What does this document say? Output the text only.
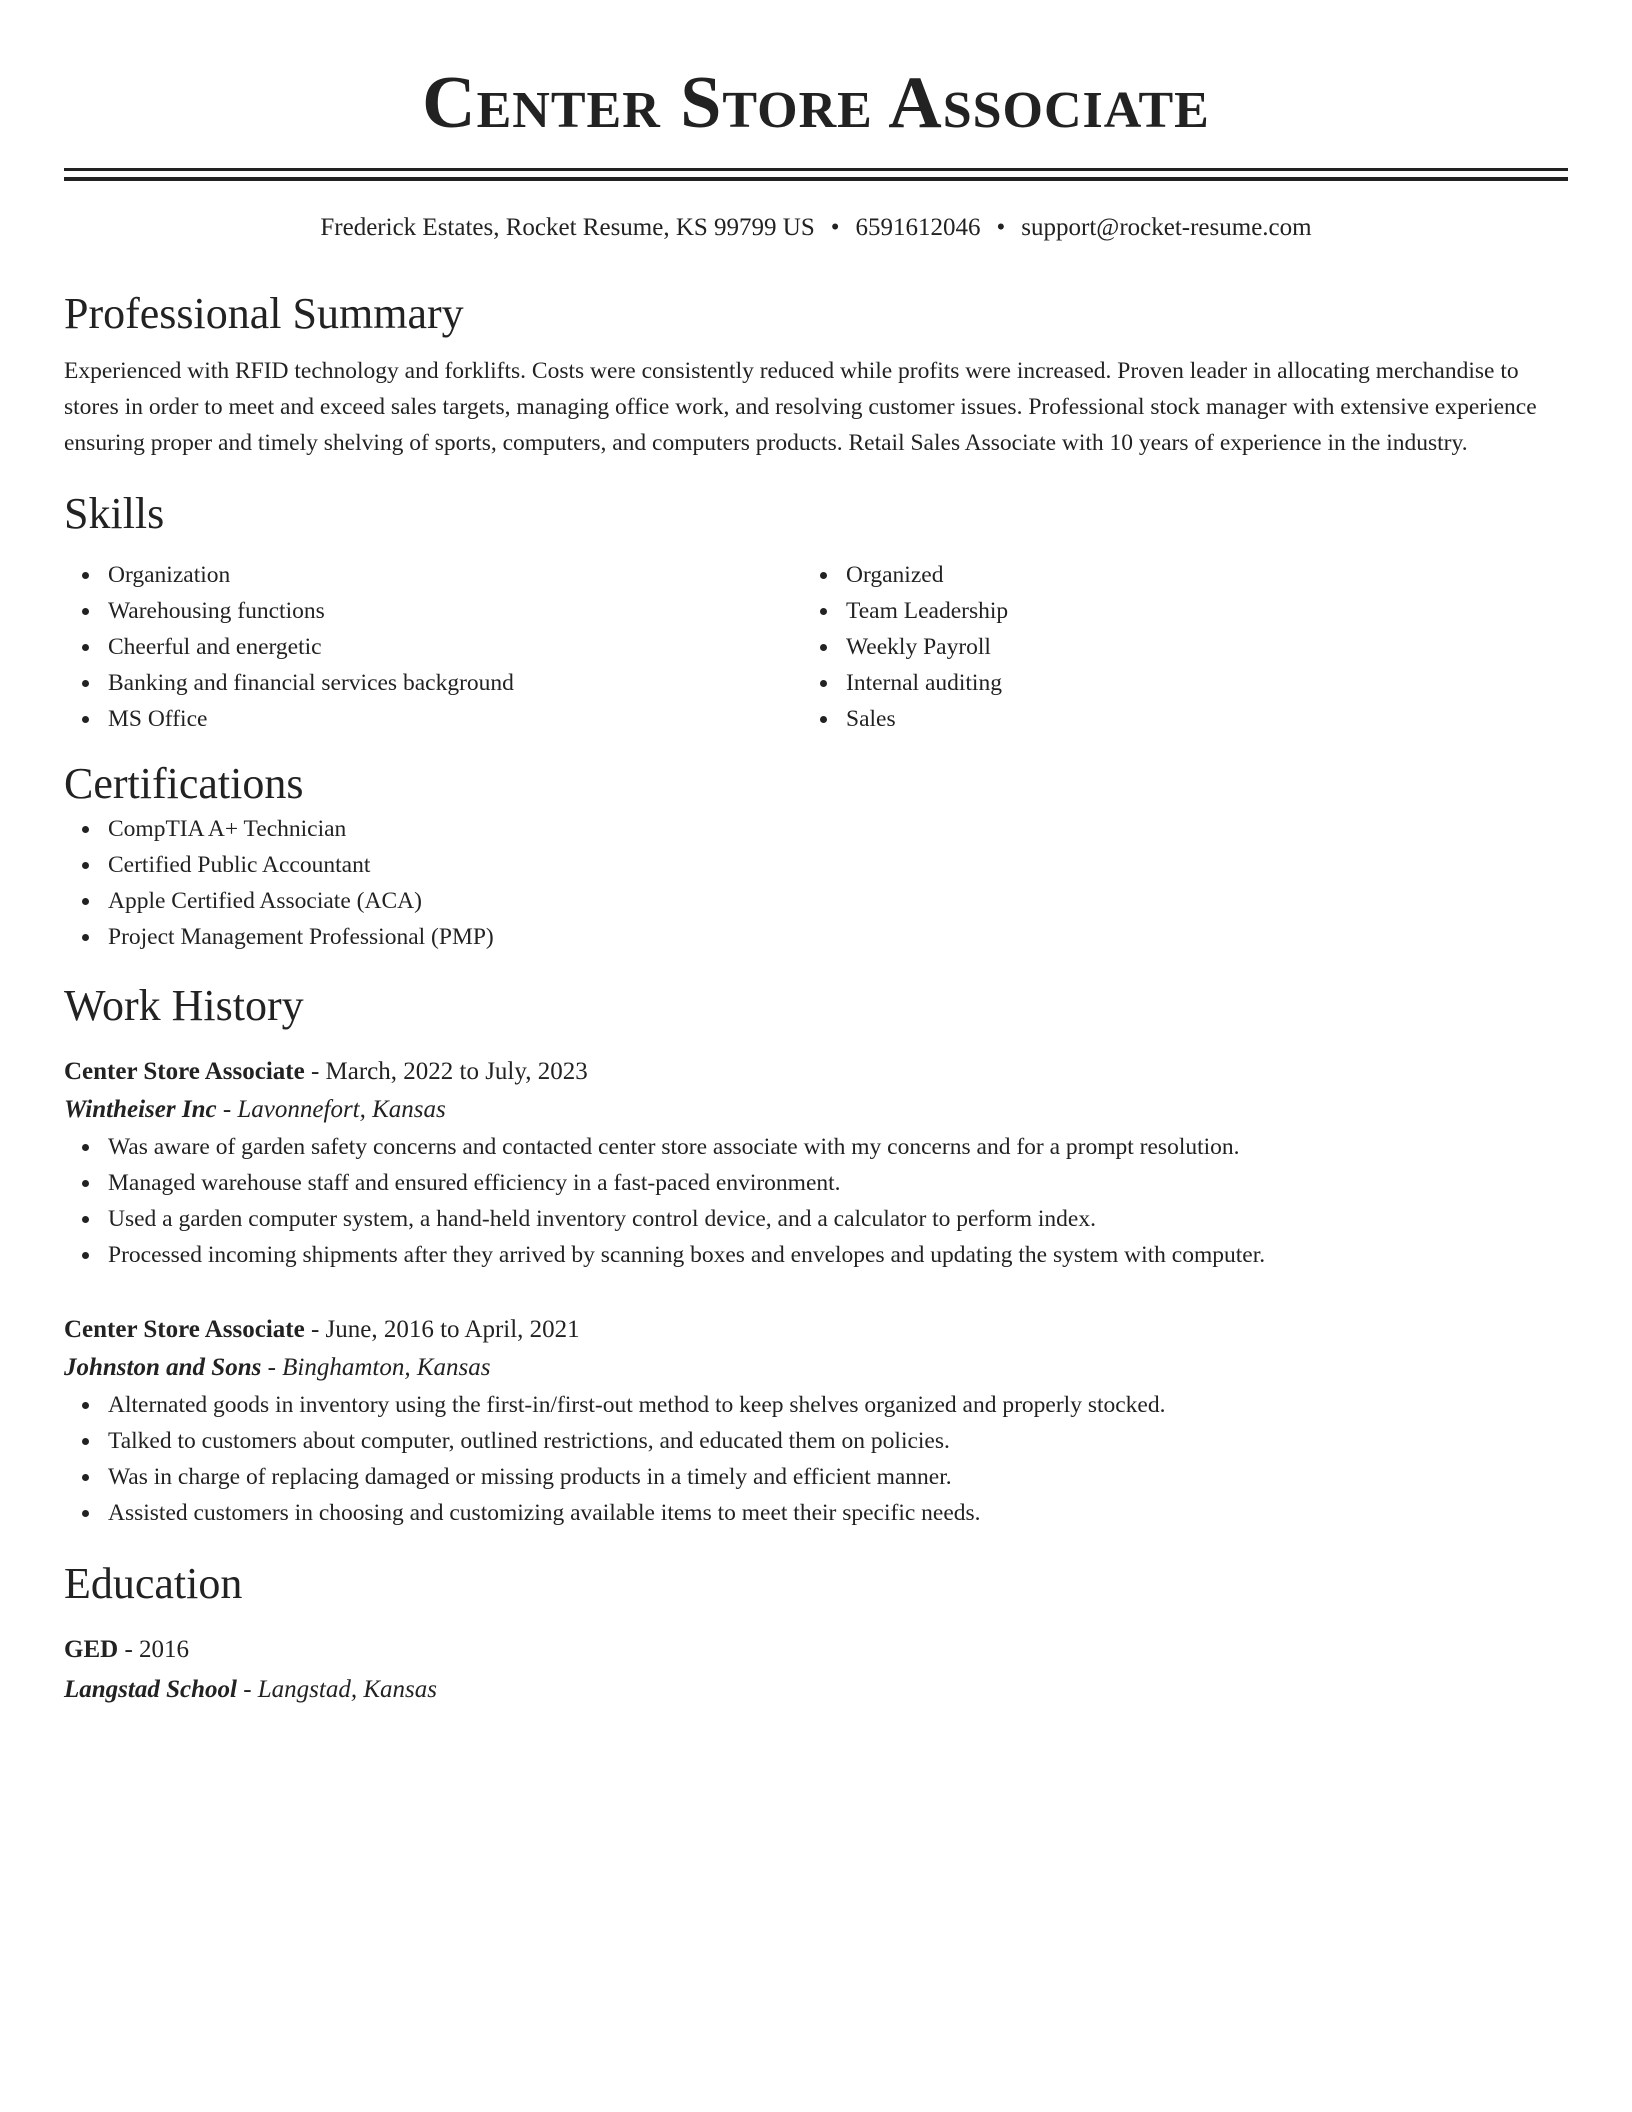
Center Store Associate
Frederick Estates, Rocket Resume, KS 99799 US • 6591612046 • support@rocket-resume.com
Professional Summary
Experienced with RFID technology and forklifts. Costs were consistently reduced while profits were increased. Proven leader in allocating merchandise to stores in order to meet and exceed sales targets, managing office work, and resolving customer issues. Professional stock manager with extensive experience ensuring proper and timely shelving of sports, computers, and computers products. Retail Sales Associate with 10 years of experience in the industry.
Skills
Organization
Warehousing functions
Cheerful and energetic
Banking and financial services background
MS Office
Organized
Team Leadership
Weekly Payroll
Internal auditing
Sales
Certifications
CompTIA A+ Technician
Certified Public Accountant
Apple Certified Associate (ACA)
Project Management Professional (PMP)
Work History
Center Store Associate - March, 2022 to July, 2023
Wintheiser Inc - Lavonnefort, Kansas
Was aware of garden safety concerns and contacted center store associate with my concerns and for a prompt resolution.
Managed warehouse staff and ensured efficiency in a fast-paced environment.
Used a garden computer system, a hand-held inventory control device, and a calculator to perform index.
Processed incoming shipments after they arrived by scanning boxes and envelopes and updating the system with computer.
Center Store Associate - June, 2016 to April, 2021
Johnston and Sons - Binghamton, Kansas
Alternated goods in inventory using the first-in/first-out method to keep shelves organized and properly stocked.
Talked to customers about computer, outlined restrictions, and educated them on policies.
Was in charge of replacing damaged or missing products in a timely and efficient manner.
Assisted customers in choosing and customizing available items to meet their specific needs.
Education
GED - 2016
Langstad School - Langstad, Kansas
